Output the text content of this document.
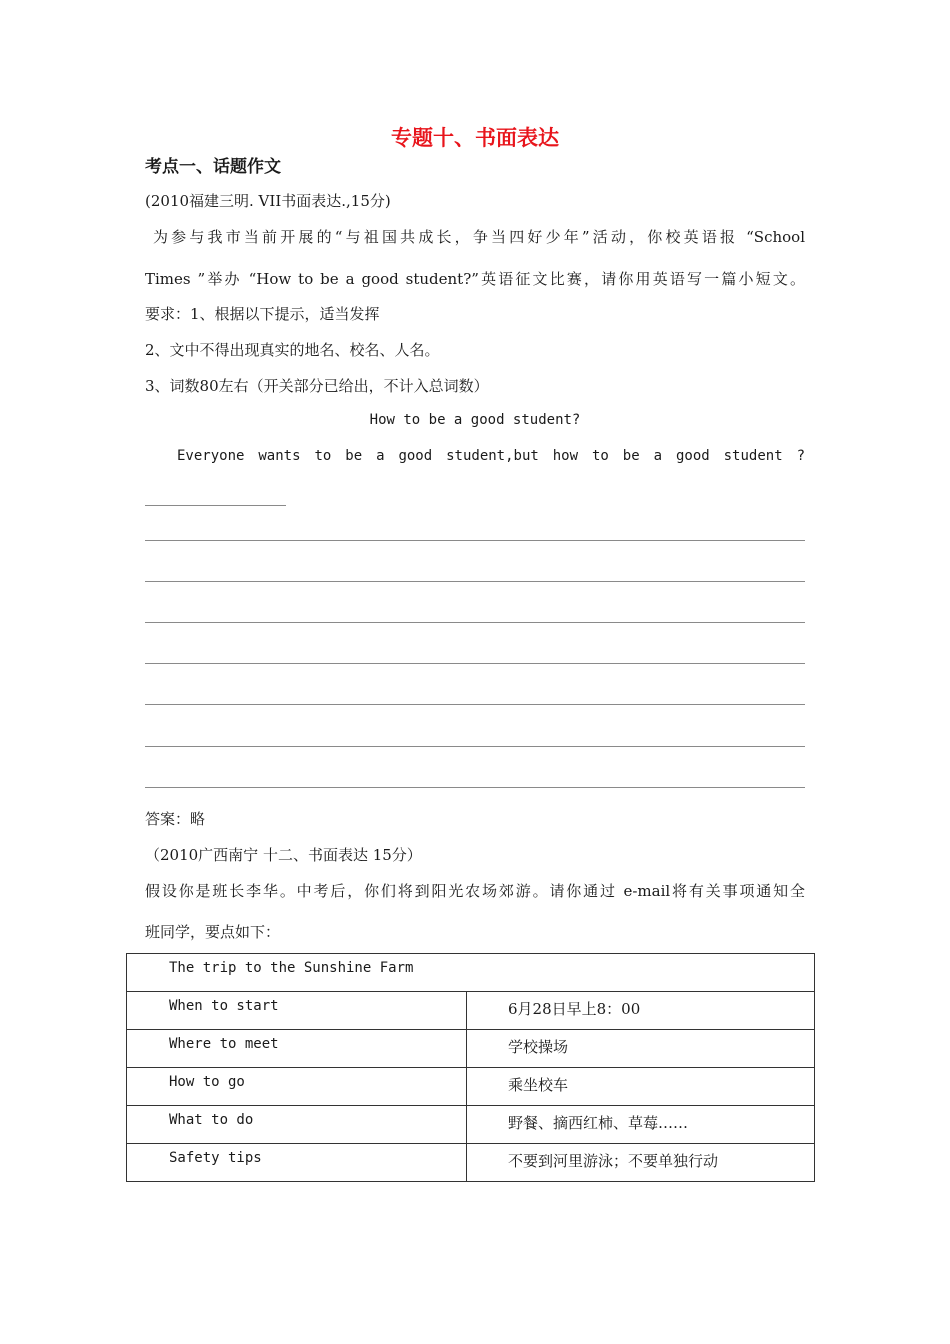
专题十、书面表达
考点一、话题作文
(2010福建三明. VII书面表达.,15分)
为参与我市当前开展的“与祖国共成长，争当四好少年”活动，你校英语报 “School
Times ”举办 “How to be a good student?”英语征文比赛，请你用英语写一篇小短文。
要求：1、根据以下提示，适当发挥
2、文中不得出现真实的地名、校名、人名。
3、词数80左右（开关部分已给出，不计入总词数）
How to be a good student?
Everyone wants to be a good student,but how to be a good student ?
答案：略
（2010广西南宁 十二、书面表达 15分）
假设你是班长李华。中考后，你们将到阳光农场郊游。请你通过 e-mail将有关事项通知全
班同学，要点如下：
The trip to the Sunshine Farm	

When to start	6月28日早上8：00

Where to meet	学校操场

How to go	乘坐校车

What to do	野餐、摘西红柿、草莓……

Safety tips	不要到河里游泳；不要单独行动
